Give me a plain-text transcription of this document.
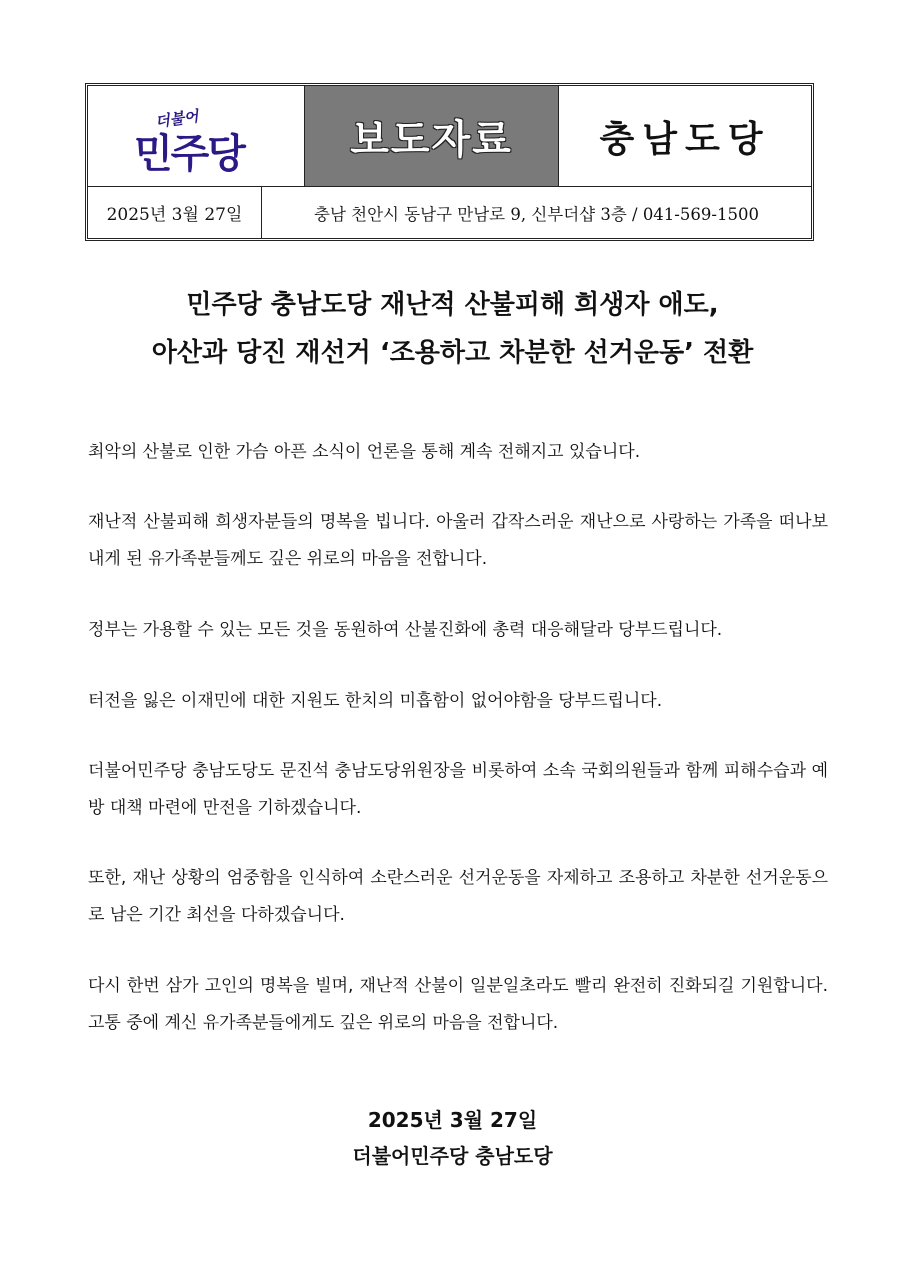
더불어
민주당	보도자료 충남도당
2025년 3월 27일	충남 천안시 동남구 만남로 9, 신부더샵 3층 / 041-569-1500
민주당 충남도당 재난적 산불피해 희생자 애도,
아산과 당진 재선거 ‘조용하고 차분한 선거운동’ 전환

최악의 산불로 인한 가슴 아픈 소식이 언론을 통해 계속 전해지고 있습니다.

재난적 산불피해 희생자분들의 명복을 빕니다. 아울러 갑작스러운 재난으로 사랑하는 가족을 떠나보내게 된 유가족분들께도 깊은 위로의 마음을 전합니다.

정부는 가용할 수 있는 모든 것을 동원하여 산불진화에 총력 대응해달라 당부드립니다.

터전을 잃은 이재민에 대한 지원도 한치의 미흡함이 없어야함을 당부드립니다.

더불어민주당 충남도당도 문진석 충남도당위원장을 비롯하여 소속 국회의원들과 함께 피해수습과 예방 대책 마련에 만전을 기하겠습니다.

또한, 재난 상황의 엄중함을 인식하여 소란스러운 선거운동을 자제하고 조용하고 차분한 선거운동으로 남은 기간 최선을 다하겠습니다.

다시 한번 삼가 고인의 명복을 빌며, 재난적 산불이 일분일초라도 빨리 완전히 진화되길 기원합니다. 고통 중에 계신 유가족분들에게도 깊은 위로의 마음을 전합니다.

2025년 3월 27일
더불어민주당 충남도당
